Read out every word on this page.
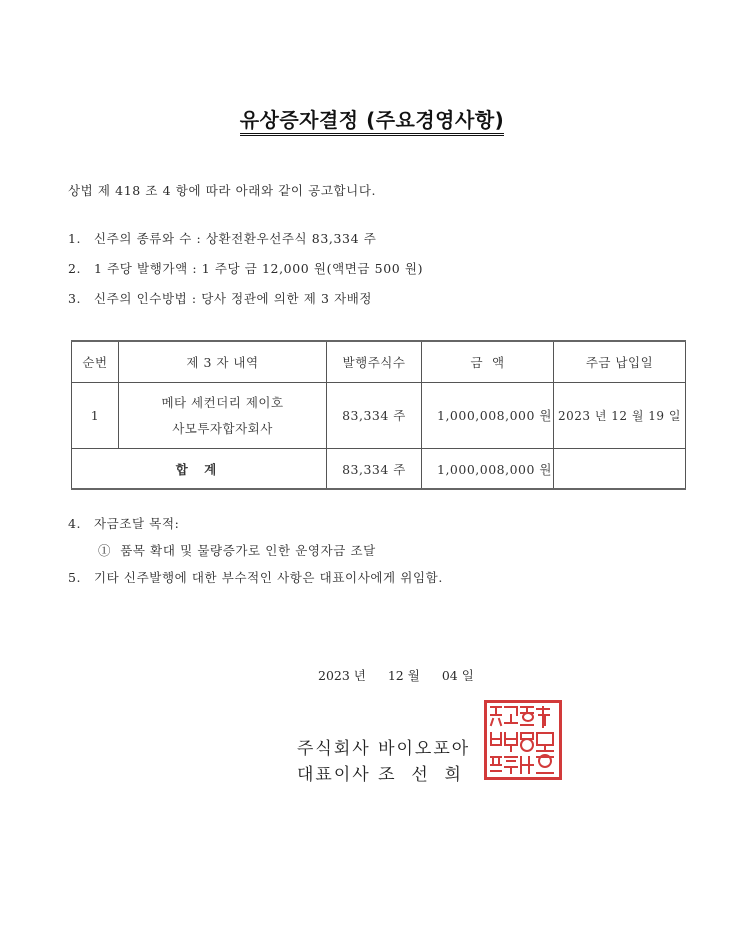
유상증자결정 (주요경영사항)
상법 제 418 조 4 항에 따라 아래와 같이 공고합니다.
1. 신주의 종류와 수 : 상환전환우선주식 83,334 주
2. 1 주당 발행가액 : 1 주당 금 12,000 원(액면금 500 원)
3. 신주의 인수방법 : 당사 정관에 의한 제 3 자배정
순번	제 3 자 내역	발행주식수	금  액	주금 납입일
1	메타 세컨더리 제이호
사모투자합자회사	83,334 주	1,000,008,000 원	2023 년 12 월 19 일
합 계		83,334 주	1,000,008,000 원	
4. 자금조달 목적:
①  품목 확대 및 물량증가로 인한 운영자금 조달
5. 기타 신주발행에 대한 부수적인 사항은 대표이사에게 위임함.
2023 년 12 월 04 일
주식회사 바이오포아
대표이사 조  선  희
